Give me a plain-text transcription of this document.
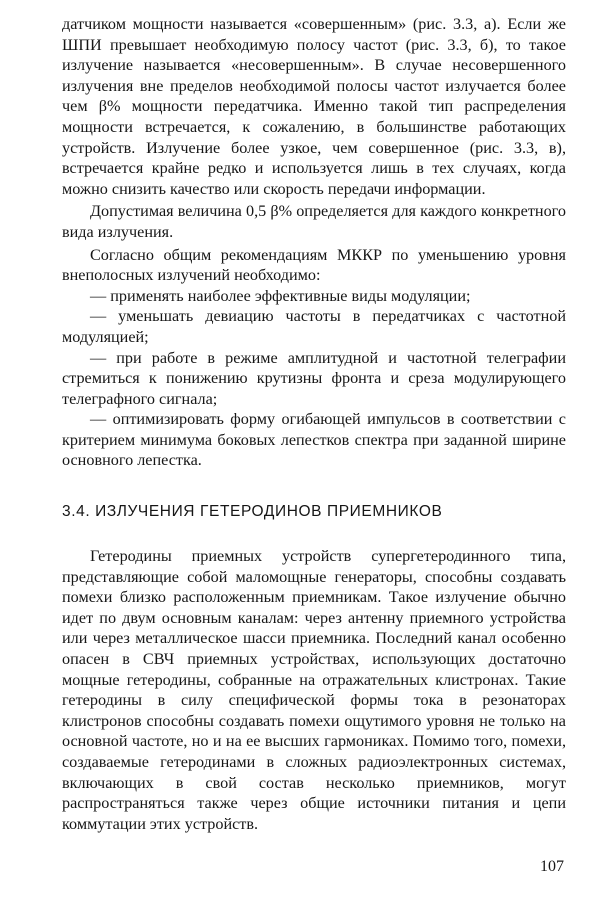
датчиком мощности называется «совершенным» (рис. 3.3, а). Если же ШПИ превышает необходимую полосу частот (рис. 3.3, б), то такое излучение называется «несовершенным». В случае несовершенного излучения вне пределов необходимой полосы частот излучается более чем β% мощности передатчика. Именно такой тип распределения мощности встречается, к сожалению, в большинстве работающих устройств. Излучение более узкое, чем совершенное (рис. 3.3, в), встречается крайне редко и используется лишь в тех случаях, когда можно снизить качество или скорость передачи информации.

Допустимая величина 0,5 β% определяется для каждого конкретного вида излучения.

Согласно общим рекомендациям МККР по уменьшению уровня внеполосных излучений необходимо:

— применять наиболее эффективные виды модуляции;

— уменьшать девиацию частоты в передатчиках с частотной модуляцией;

— при работе в режиме амплитудной и частотной телеграфии стремиться к понижению крутизны фронта и среза модулирующего телеграфного сигнала;

— оптимизировать форму огибающей импульсов в соответствии с критерием минимума боковых лепестков спектра при заданной ширине основного лепестка.

3.4. ИЗЛУЧЕНИЯ ГЕТЕРОДИНОВ ПРИЕМНИКОВ

Гетеродины приемных устройств супергетеродинного типа, представляющие собой маломощные генераторы, способны создавать помехи близко расположенным приемникам. Такое излучение обычно идет по двум основным каналам: через антенну приемного устройства или через металлическое шасси приемника. Последний канал особенно опасен в СВЧ приемных устройствах, использующих достаточно мощные гетеродины, собранные на отражательных клистронах. Такие гетеродины в силу специфической формы тока в резонаторах клистронов способны создавать помехи ощутимого уровня не только на основной частоте, но и на ее высших гармониках. Помимо того, помехи, создаваемые гетеродинами в сложных радиоэлектронных системах, включающих в свой состав несколько приемников, могут распространяться также через общие источники питания и цепи коммутации этих устройств.

107
